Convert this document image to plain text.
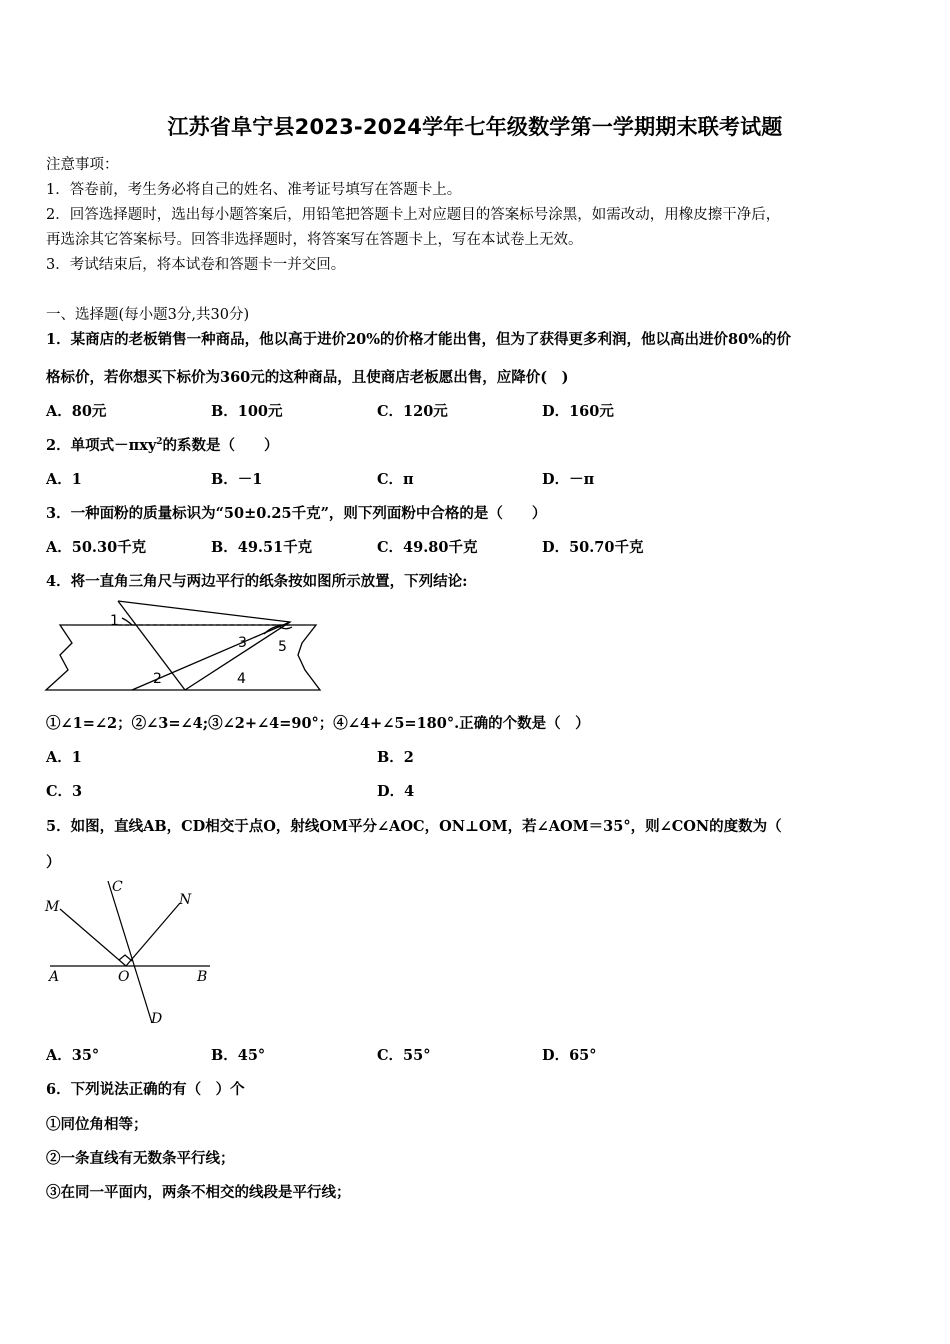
江苏省阜宁县2023-2024学年七年级数学第一学期期末联考试题
注意事项：
1．答卷前，考生务必将自己的姓名、准考证号填写在答题卡上。
2．回答选择题时，选出每小题答案后，用铅笔把答题卡上对应题目的答案标号涂黑，如需改动，用橡皮擦干净后，
再选涂其它答案标号。回答非选择题时，将答案写在答题卡上，写在本试卷上无效。
3．考试结束后，将本试卷和答题卡一并交回。
一、选择题(每小题3分,共30分)
1．某商店的老板销售一种商品，他以高于进价20%的价格才能出售，但为了获得更多利润，他以高出进价80%的价
格标价，若你想买下标价为360元的这种商品，且使商店老板愿出售，应降价(　)
A．80元	B．100元	C．120元	D．160元
2．单项式－πxy$^2$的系数是（　　）
A．1	B．－1	C．π	D．－π
3．一种面粉的质量标识为“50±0.25千克”，则下列面粉中合格的是（　　）
A．50.30千克	B．49.51千克	C．49.80千克	D．50.70千克
4．将一直角三角尺与两边平行的纸条按如图所示放置，下列结论:
1
2
3
4
5
①∠1=∠2；②∠3=∠4;③∠2+∠4=90°；④∠4+∠5=180°.正确的个数是（　）
A．1	B．2
C．3	D．4
5．如图，直线AB，CD相交于点O，射线OM平分∠AOC，ON⊥OM，若∠AOM＝35°，则∠CON的度数为（
）
M
C
N
A	O	B
D
A．35°	B．45°	C．55°	D．65°
6．下列说法正确的有（　）个
①同位角相等；
②一条直线有无数条平行线；
③在同一平面内，两条不相交的线段是平行线；
